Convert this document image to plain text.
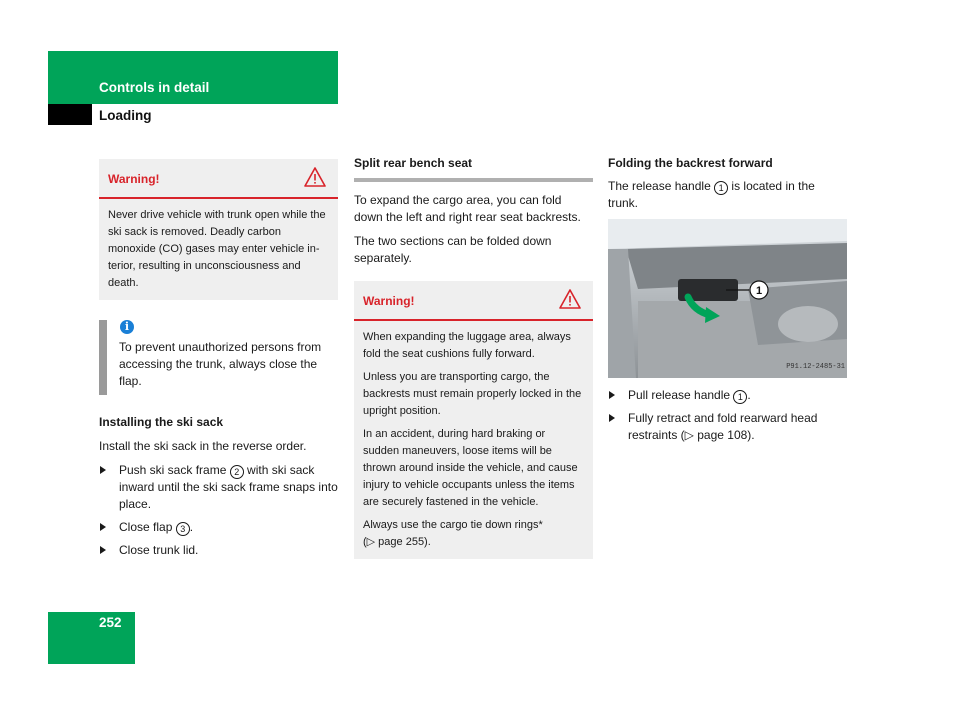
Controls in detail
Loading
Warning!

Never drive vehicle with trunk open while the ski sack is removed. Deadly carbon monoxide (CO) gases may enter vehicle in-terior, resulting in unconsciousness and death.

i

To prevent unauthorized persons from accessing the trunk, always close the flap.

Installing the ski sack

Install the ski sack in the reverse order.

Push ski sack frame 2 with ski sack inward until the ski sack frame snaps into place.
Close flap 3 .
Close trunk lid.
Split rear bench seat

To expand the cargo area, you can fold down the left and right rear seat backrests.

The two sections can be folded down separately.

Warning!

When expanding the luggage area, always fold the seat cushions fully forward.

Unless you are transporting cargo, the backrests must remain properly locked in the upright position.

In an accident, during hard braking or sudden maneuvers, loose items will be thrown around inside the vehicle, and cause injury to vehicle occupants unless the items are securely fastened in the vehicle.

Always use the cargo tie down rings*
(▷ page 255).

Folding the backrest forward

The release handle 1 is located in the trunk.

1
P91.12-2485-31
Pull release handle 1 .
Fully retract and fold rearward head restraints (▷ page 108).
252
